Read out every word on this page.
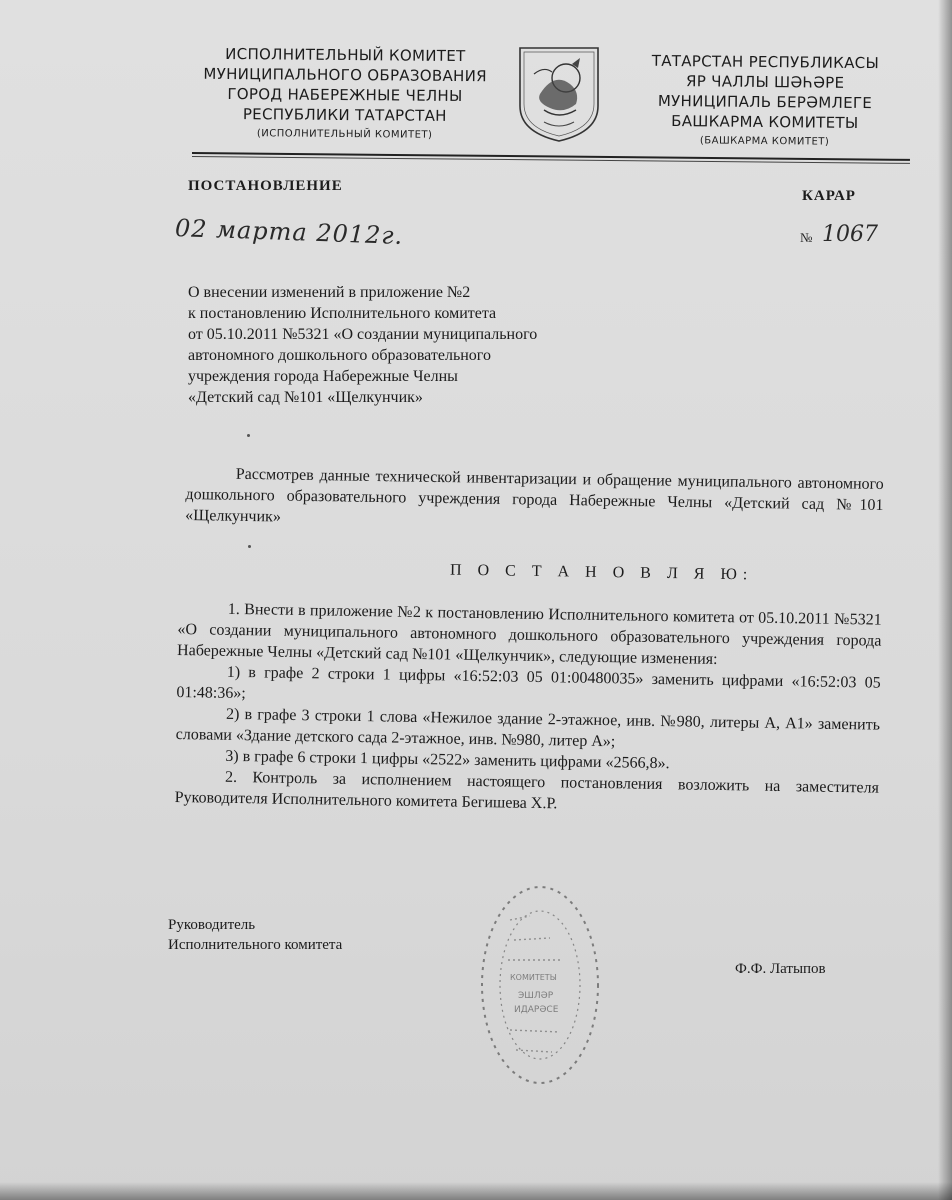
ИСПОЛНИТЕЛЬНЫЙ КОМИТЕТ
МУНИЦИПАЛЬНОГО ОБРАЗОВАНИЯ
ГОРОД НАБЕРЕЖНЫЕ ЧЕЛНЫ
РЕСПУБЛИКИ ТАТАРСТАН
(ИСПОЛНИТЕЛЬНЫЙ КОМИТЕТ)
ТАТАРСТАН РЕСПУБЛИКАСЫ
ЯР ЧАЛЛЫ ШӘҺӘРЕ
МУНИЦИПАЛЬ БЕРӘМЛЕГЕ
БАШКАРМА КОМИТЕТЫ
(БАШКАРМА КОМИТЕТ)
ПОСТАНОВЛЕНИЕ
КАРАР
02 марта 2012г.	№ 1067
О внесении изменений в приложение №2
к постановлению Исполнительного комитета
от 05.10.2011 №5321 «О создании муниципального
автономного дошкольного образовательного
учреждения города Набережные Челны
«Детский сад №101 «Щелкунчик»
Рассмотрев данные технической инвентаризации и обращение муниципального автономного дошкольного образовательного учреждения города Набережные Челны «Детский сад №101 «Щелкунчик»
П О С Т А Н О В Л Я Ю:

1. Внести в приложение №2 к постановлению Исполнительного комитета от 05.10.2011 №5321 «О создании муниципального автономного дошкольного образовательного учреждения города Набережные Челны «Детский сад №101 «Щелкунчик», следующие изменения:

1) в графе 2 строки 1 цифры «16:52:03 05 01:00480035» заменить цифрами «16:52:03 05 01:48:36»;

2) в графе 3 строки 1 слова «Нежилое здание 2-этажное, инв. №980, литеры А, А1» заменить словами «Здание детского сада 2-этажное, инв. №980, литер А»;

3) в графе 6 строки 1 цифры «2522» заменить цифрами «2566,8».

2. Контроль за исполнением настоящего постановления возложить на заместителя Руководителя Исполнительного комитета Бегишева Х.Р.

Руководитель
Исполнительного комитета
Ф.Ф. Латыпов
ЭШЛӘР
ИДАРӘСЕ
КОМИТЕТЫ
